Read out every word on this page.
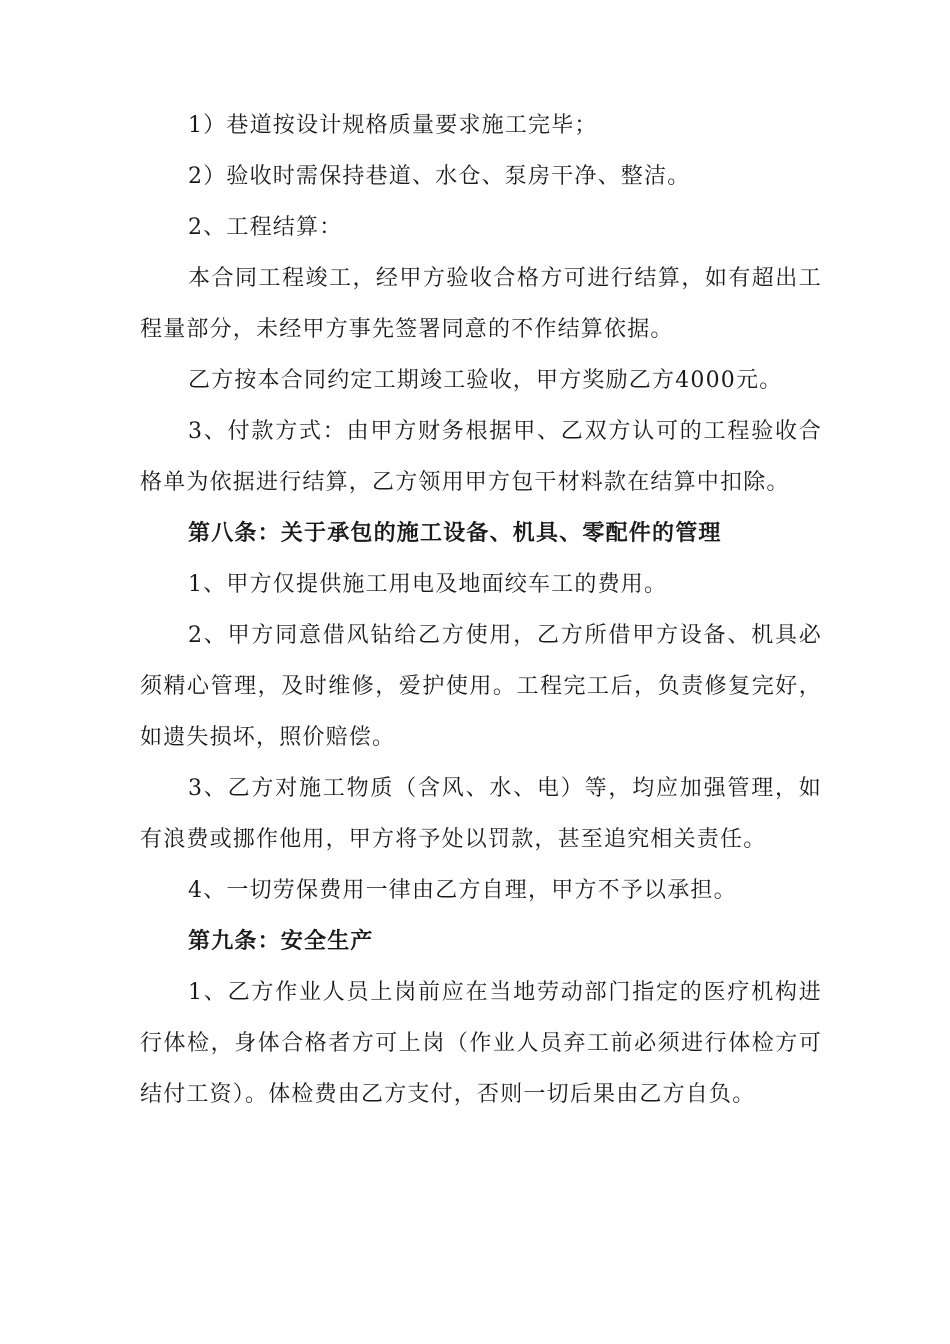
1）巷道按设计规格质量要求施工完毕；

2）验收时需保持巷道、水仓、泵房干净、整洁。

2、工程结算：

本合同工程竣工，经甲方验收合格方可进行结算，如有超出工程量部分，未经甲方事先签署同意的不作结算依据。

乙方按本合同约定工期竣工验收，甲方奖励乙方4000元。

3、付款方式：由甲方财务根据甲、乙双方认可的工程验收合格单为依据进行结算，乙方领用甲方包干材料款在结算中扣除。

第八条：关于承包的施工设备、机具、零配件的管理

1、甲方仅提供施工用电及地面绞车工的费用。

2、甲方同意借风钻给乙方使用，乙方所借甲方设备、机具必须精心管理，及时维修，爱护使用。工程完工后，负责修复完好，如遗失损坏，照价赔偿。

3、乙方对施工物质（含风、水、电）等，均应加强管理，如有浪费或挪作他用，甲方将予处以罚款，甚至追究相关责任。

4、一切劳保费用一律由乙方自理，甲方不予以承担。

第九条：安全生产

1、乙方作业人员上岗前应在当地劳动部门指定的医疗机构进行体检，身体合格者方可上岗（作业人员弃工前必须进行体检方可结付工资）。体检费由乙方支付，否则一切后果由乙方自负。
